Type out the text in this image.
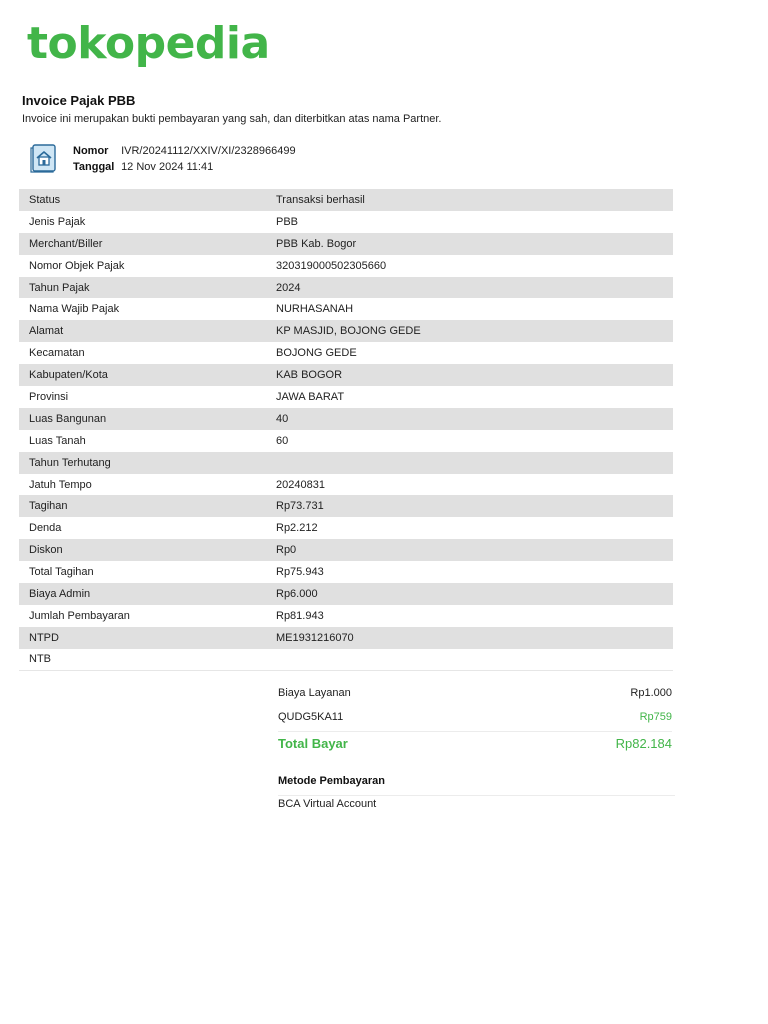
tokopedia
Invoice Pajak PBB
Invoice ini merupakan bukti pembayaran yang sah, dan diterbitkan atas nama Partner.
Nomor IVR/20241112/XXIV/XI/2328966499
Tanggal 12 Nov 2024 11:41
Status	Transaksi berhasil
Jenis Pajak	PBB
Merchant/Biller	PBB Kab. Bogor
Nomor Objek Pajak	320319000502305660
Tahun Pajak	2024
Nama Wajib Pajak	NURHASANAH
Alamat	KP MASJID, BOJONG GEDE
Kecamatan	BOJONG GEDE
Kabupaten/Kota	KAB BOGOR
Provinsi	JAWA BARAT
Luas Bangunan	40
Luas Tanah	60
Tahun Terhutang	
Jatuh Tempo	20240831
Tagihan	Rp73.731
Denda	Rp2.212
Diskon	Rp0
Total Tagihan	Rp75.943
Biaya Admin	Rp6.000
Jumlah Pembayaran	Rp81.943
NTPD	ME1931216070
NTB	
Biaya Layanan	Rp1.000
QUDG5KA11	Rp759
Total Bayar	Rp82.184
Metode Pembayaran
BCA Virtual Account
